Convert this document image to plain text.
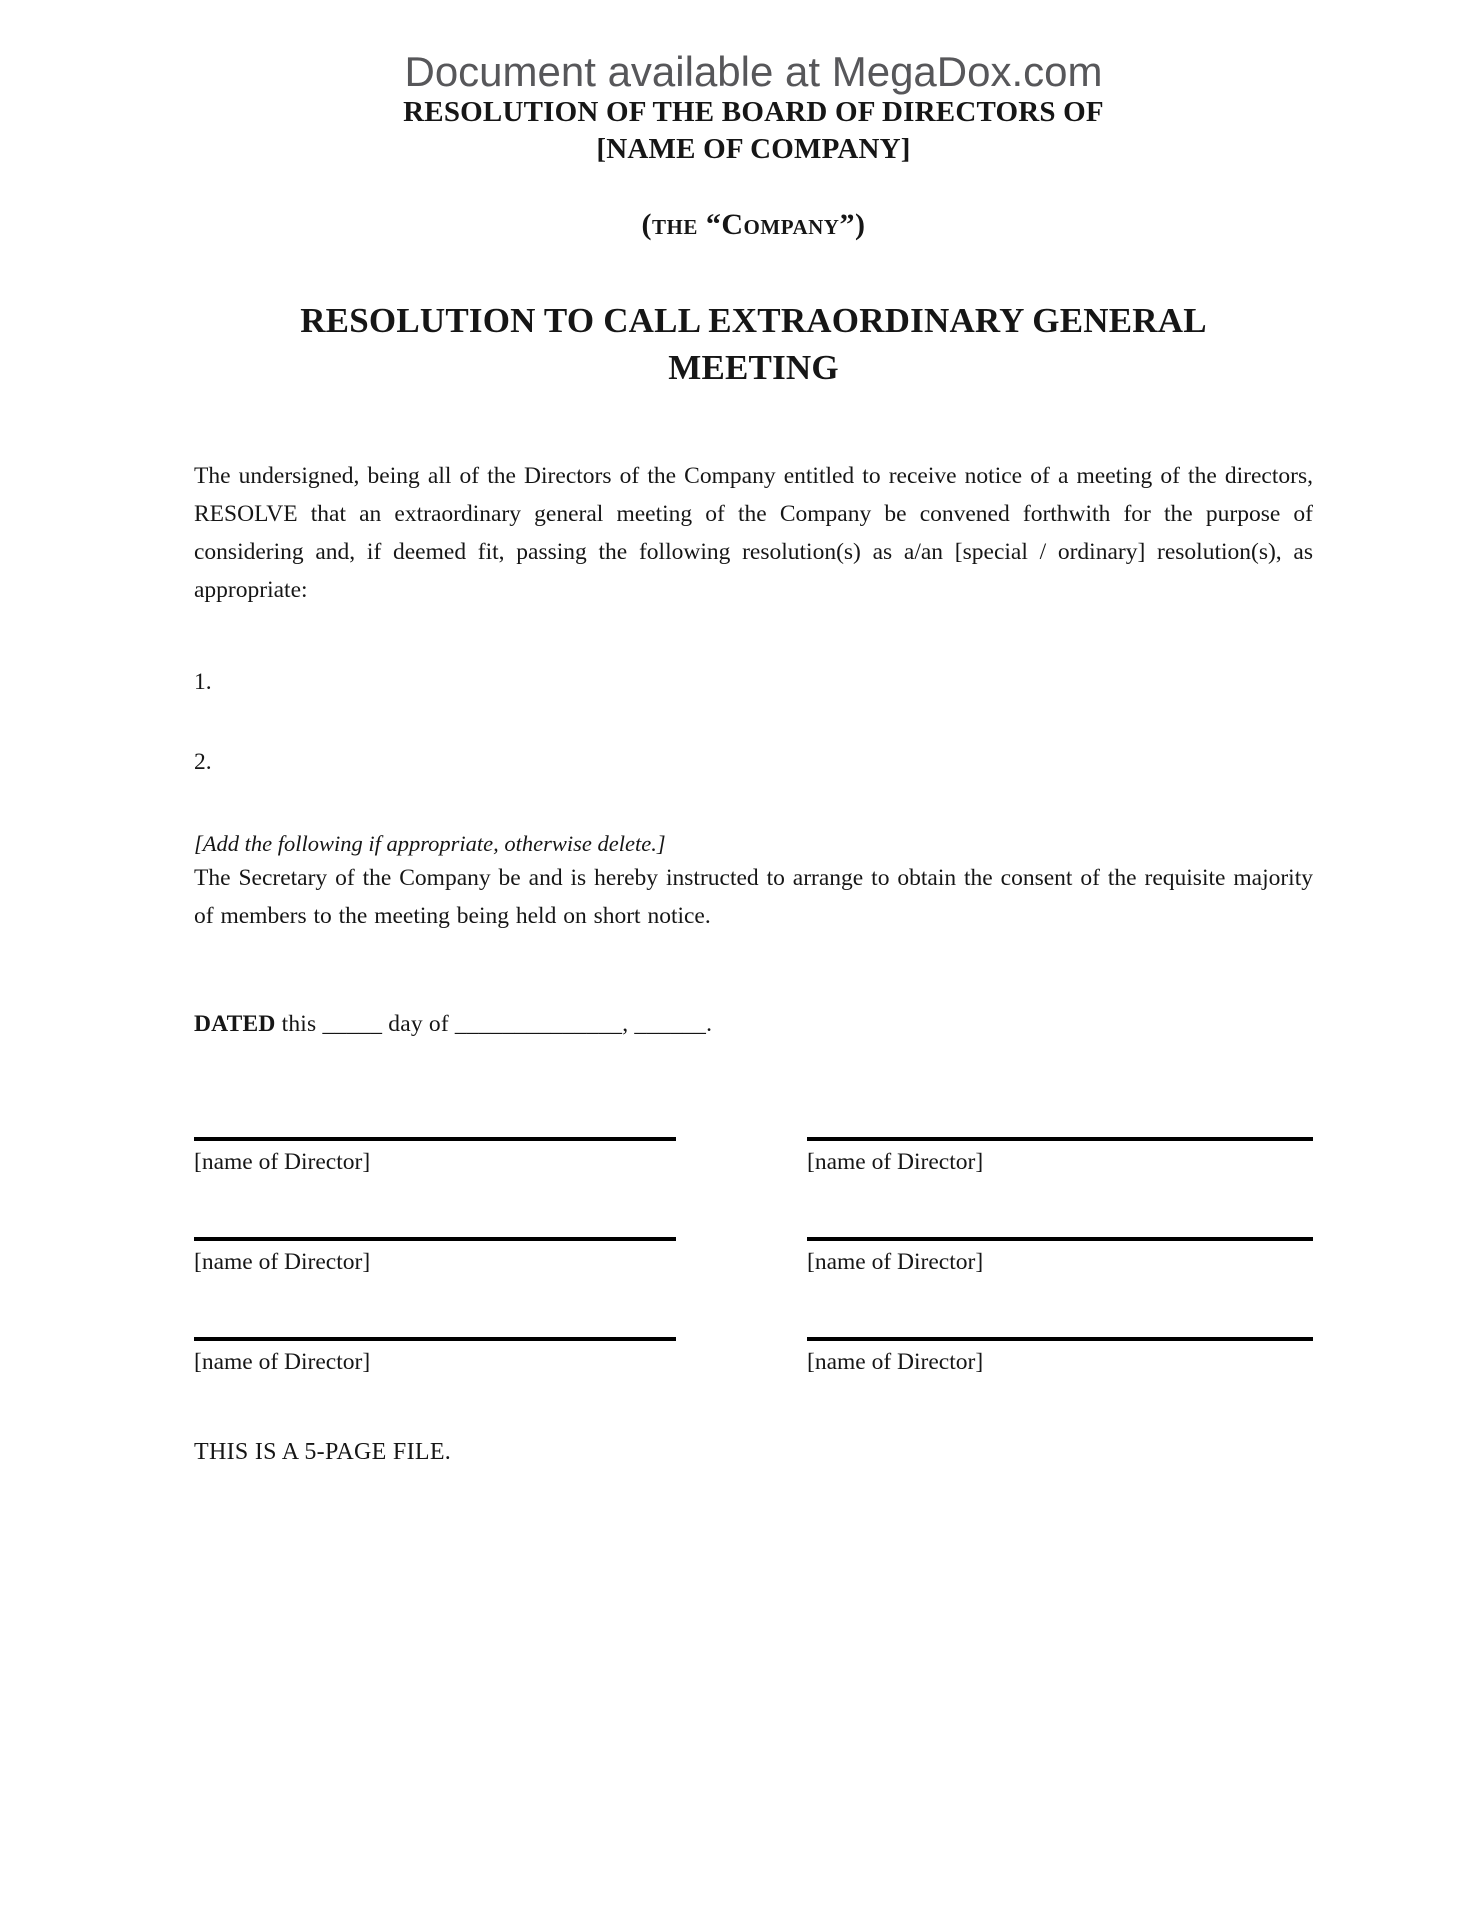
Document available at MegaDox.com
RESOLUTION OF THE BOARD OF DIRECTORS OF
[NAME OF COMPANY]
(the “Company”)
RESOLUTION TO CALL EXTRAORDINARY GENERAL MEETING

The undersigned, being all of the Directors of the Company entitled to receive notice of a meeting of the directors, RESOLVE that an extraordinary general meeting of the Company be convened forthwith for the purpose of considering and, if deemed fit, passing the following resolution(s) as a/an [special / ordinary] resolution(s), as appropriate:

1.
2.
[Add the following if appropriate, otherwise delete.]

The Secretary of the Company be and is hereby instructed to arrange to obtain the consent of the requisite majority of members to the meeting being held on short notice.

DATED this _____ day of ______________, ______.
[name of Director]	[name of Director]
[name of Director]	[name of Director]
[name of Director]	[name of Director]
THIS IS A 5-PAGE FILE.
